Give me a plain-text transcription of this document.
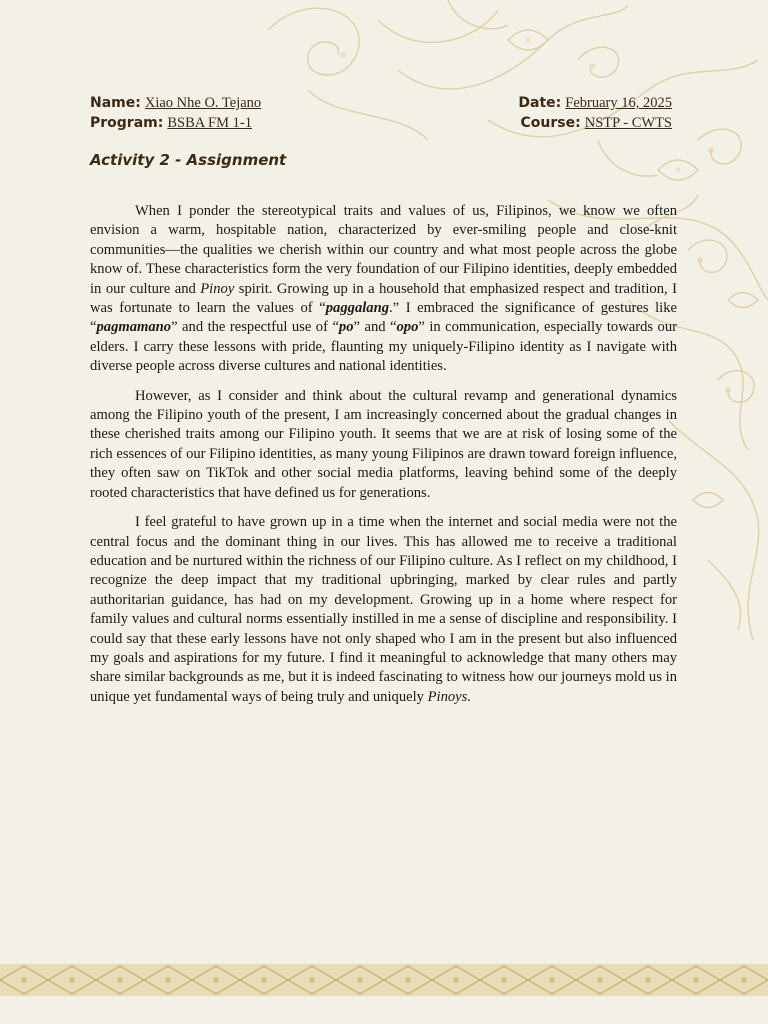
Name: Xiao Nhe O. Tejano	Date: February 16, 2025
Program: BSBA FM 1-1	Course: NSTP - CWTS
Activity 2 - Assignment

When I ponder the stereotypical traits and values of us, Filipinos, we know we often envision a warm, hospitable nation, characterized by ever-smiling people and close-knit communities—the qualities we cherish within our country and what most people across the globe know of. These characteristics form the very foundation of our Filipino identities, deeply embedded in our culture and Pinoy spirit. Growing up in a household that emphasized respect and tradition, I was fortunate to learn the values of “paggalang.” I embraced the significance of gestures like “pagmamano” and the respectful use of “po” and “opo” in communication, especially towards our elders. I carry these lessons with pride, flaunting my uniquely-Filipino identity as I navigate with diverse people across diverse cultures and national identities.

However, as I consider and think about the cultural revamp and generational dynamics among the Filipino youth of the present, I am increasingly concerned about the gradual changes in these cherished traits among our Filipino youth. It seems that we are at risk of losing some of the rich essences of our Filipino identities, as many young Filipinos are drawn toward foreign influence, they often saw on TikTok and other social media platforms, leaving behind some of the deeply rooted characteristics that have defined us for generations.

I feel grateful to have grown up in a time when the internet and social media were not the central focus and the dominant thing in our lives. This has allowed me to receive a traditional education and be nurtured within the richness of our Filipino culture. As I reflect on my childhood, I recognize the deep impact that my traditional upbringing, marked by clear rules and partly authoritarian guidance, has had on my development. Growing up in a home where respect for family values and cultural norms essentially instilled in me a sense of discipline and responsibility. I could say that these early lessons have not only shaped who I am in the present but also influenced my goals and aspirations for my future. I find it meaningful to acknowledge that many others may share similar backgrounds as me, but it is indeed fascinating to witness how our journeys mold us in unique yet fundamental ways of being truly and uniquely Pinoys.
